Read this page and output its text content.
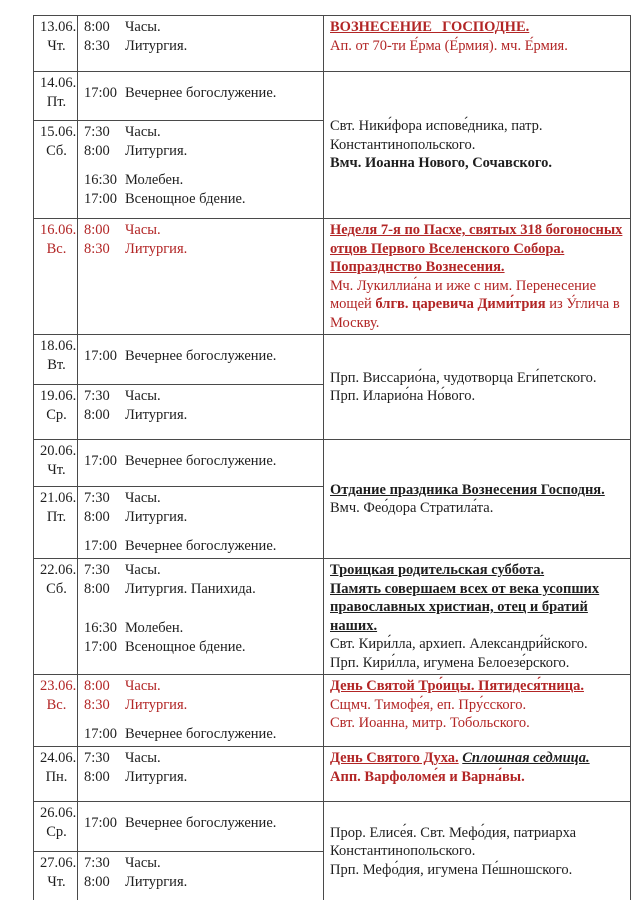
13.06.
Чт.

8:00	Часы.
8:30	Литургия.

ВОЗНЕСЕНИЕ ГОСПОДНЕ.
Ап. от 70-ти Е́рма (Е́рмия). мч. Е́рмия.

14.06.
Пт.

17:00 Вечернее богослужение.

Свт. Ники́фора испове́дника, патр. Константинопольского.
Вмч. Иоанна Нового, Сочавского.

15.06.
Сб.

7:30	Часы.
8:00	Литургия.
16:30 Молебен.
17:00 Всенощное бдение.

16.06.
Вс.

8:00	Часы.
8:30	Литургия.

Неделя 7-я по Пасхе, святых 318 богоносных отцов Первого Вселенского Собора. Попразднство Вознесения.
Мч. Лукиллиа́на и иже с ним. Перенесение мощей блгв. царевича Дими́трия из У́глича в Москву.

18.06.
Вт.

17:00 Вечернее богослужение.

Прп. Виссарио́на, чудотворца Еги́петского.
Прп. Иларио́на Но́вого.

19.06.
Ср.

7:30	Часы.
8:00	Литургия.

20.06.
Чт.

17:00 Вечернее богослужение.

Отдание праздника Вознесения Господня.
Вмч. Фео́дора Стратила́та.

21.06.
Пт.

7:30	Часы.
8:00	Литургия.
17:00 Вечернее богослужение.

22.06.
Сб.

7:30	Часы.
8:00	Литургия. Панихида.
16:30 Молебен.
17:00 Всенощное бдение.

Троицкая родительская суббота.
Память совершаем всех от века усопших православных христиан, отец и братий наших.
Свт. Кири́лла, архиеп. Александри́йского.
Прп. Кири́лла, игумена Белоезе́рского.

23.06.
Вс.

8:00	Часы.
8:30	Литургия.
17:00 Вечернее богослужение.

День Святой Тро́ицы. Пятидеся́тница.
Сщмч. Тимофе́я, еп. Пру́сского.
Свт. Иоанна, митр. Тобольского.

24.06.
Пн.

7:30	Часы.
8:00	Литургия.

День Святого Духа. Сплошная седмица.
Апп. Варфоломе́я и Варна́вы.

26.06.
Ср.

17:00 Вечернее богослужение.

Прор. Елисе́я. Свт. Мефо́дия, патриарха Константинопольского.
Прп. Мефо́дия, игумена Пе́шношского.

27.06.
Чт.

7:30	Часы.
8:00	Литургия.
